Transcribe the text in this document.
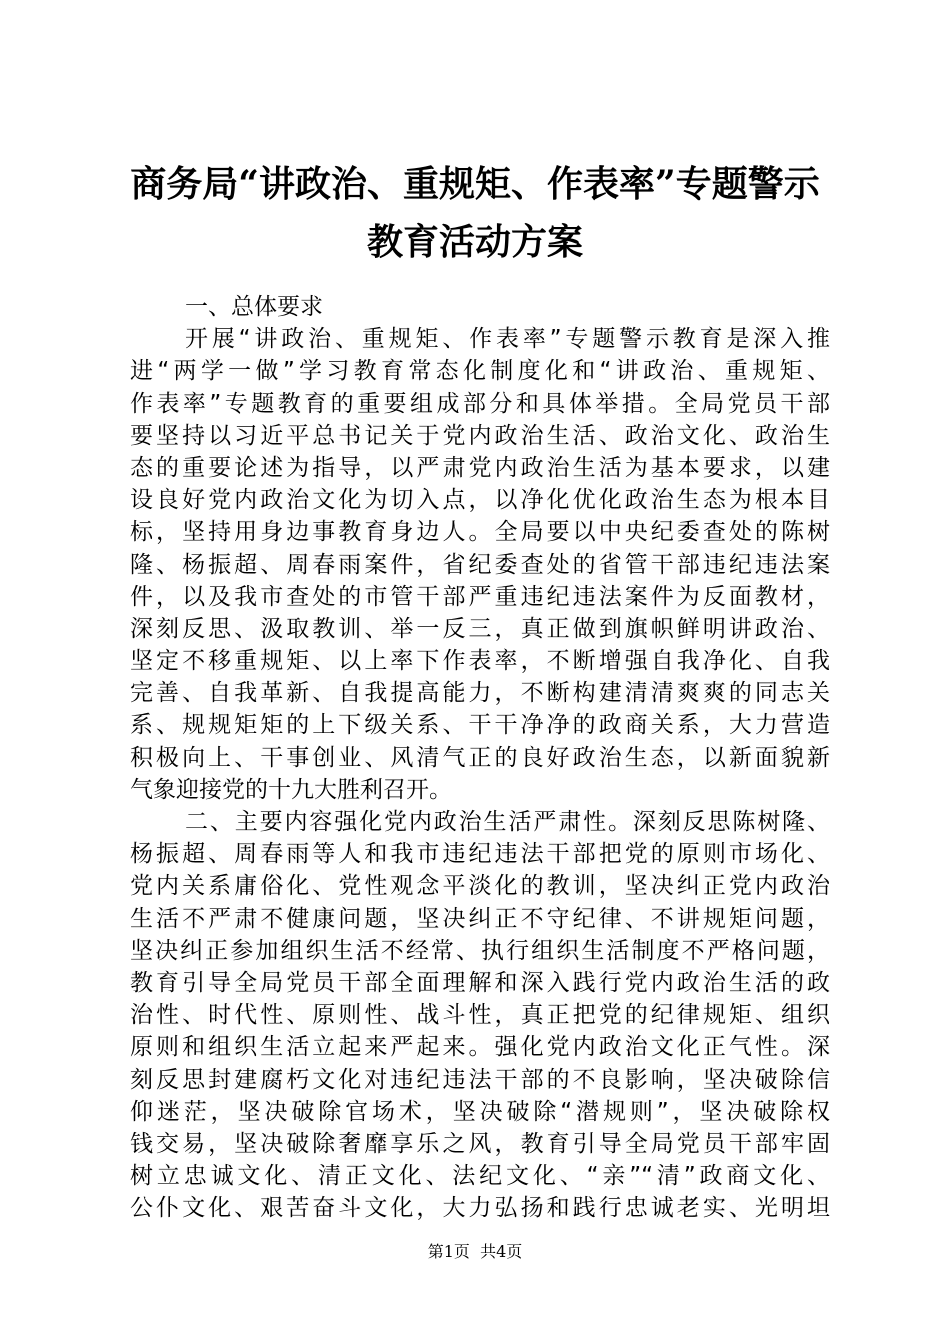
商务局“讲政治、重规矩、作表率”专题警示
教育活动方案
一、总体要求
开展“讲政治、重规矩、作表率”专题警示教育是深入推
进“两学一做”学习教育常态化制度化和“讲政治、重规矩、
作表率”专题教育的重要组成部分和具体举措。全局党员干部
要坚持以习近平总书记关于党内政治生活、政治文化、政治生
态的重要论述为指导，以严肃党内政治生活为基本要求，以建
设良好党内政治文化为切入点，以净化优化政治生态为根本目
标，坚持用身边事教育身边人。全局要以中央纪委查处的陈树
隆、杨振超、周春雨案件，省纪委查处的省管干部违纪违法案
件，以及我市查处的市管干部严重违纪违法案件为反面教材，
深刻反思、汲取教训、举一反三，真正做到旗帜鲜明讲政治、
坚定不移重规矩、以上率下作表率，不断增强自我净化、自我
完善、自我革新、自我提高能力，不断构建清清爽爽的同志关
系、规规矩矩的上下级关系、干干净净的政商关系，大力营造
积极向上、干事创业、风清气正的良好政治生态，以新面貌新
气象迎接党的十九大胜利召开。
二、主要内容强化党内政治生活严肃性。深刻反思陈树隆、
杨振超、周春雨等人和我市违纪违法干部把党的原则市场化、
党内关系庸俗化、党性观念平淡化的教训，坚决纠正党内政治
生活不严肃不健康问题，坚决纠正不守纪律、不讲规矩问题，
坚决纠正参加组织生活不经常、执行组织生活制度不严格问题，
教育引导全局党员干部全面理解和深入践行党内政治生活的政
治性、时代性、原则性、战斗性，真正把党的纪律规矩、组织
原则和组织生活立起来严起来。强化党内政治文化正气性。深
刻反思封建腐朽文化对违纪违法干部的不良影响，坚决破除信
仰迷茫，坚决破除官场术，坚决破除“潜规则”，坚决破除权
钱交易，坚决破除奢靡享乐之风，教育引导全局党员干部牢固
树立忠诚文化、清正文化、法纪文化、“亲”“清”政商文化、
公仆文化、艰苦奋斗文化，大力弘扬和践行忠诚老实、光明坦
第1页  共4页
